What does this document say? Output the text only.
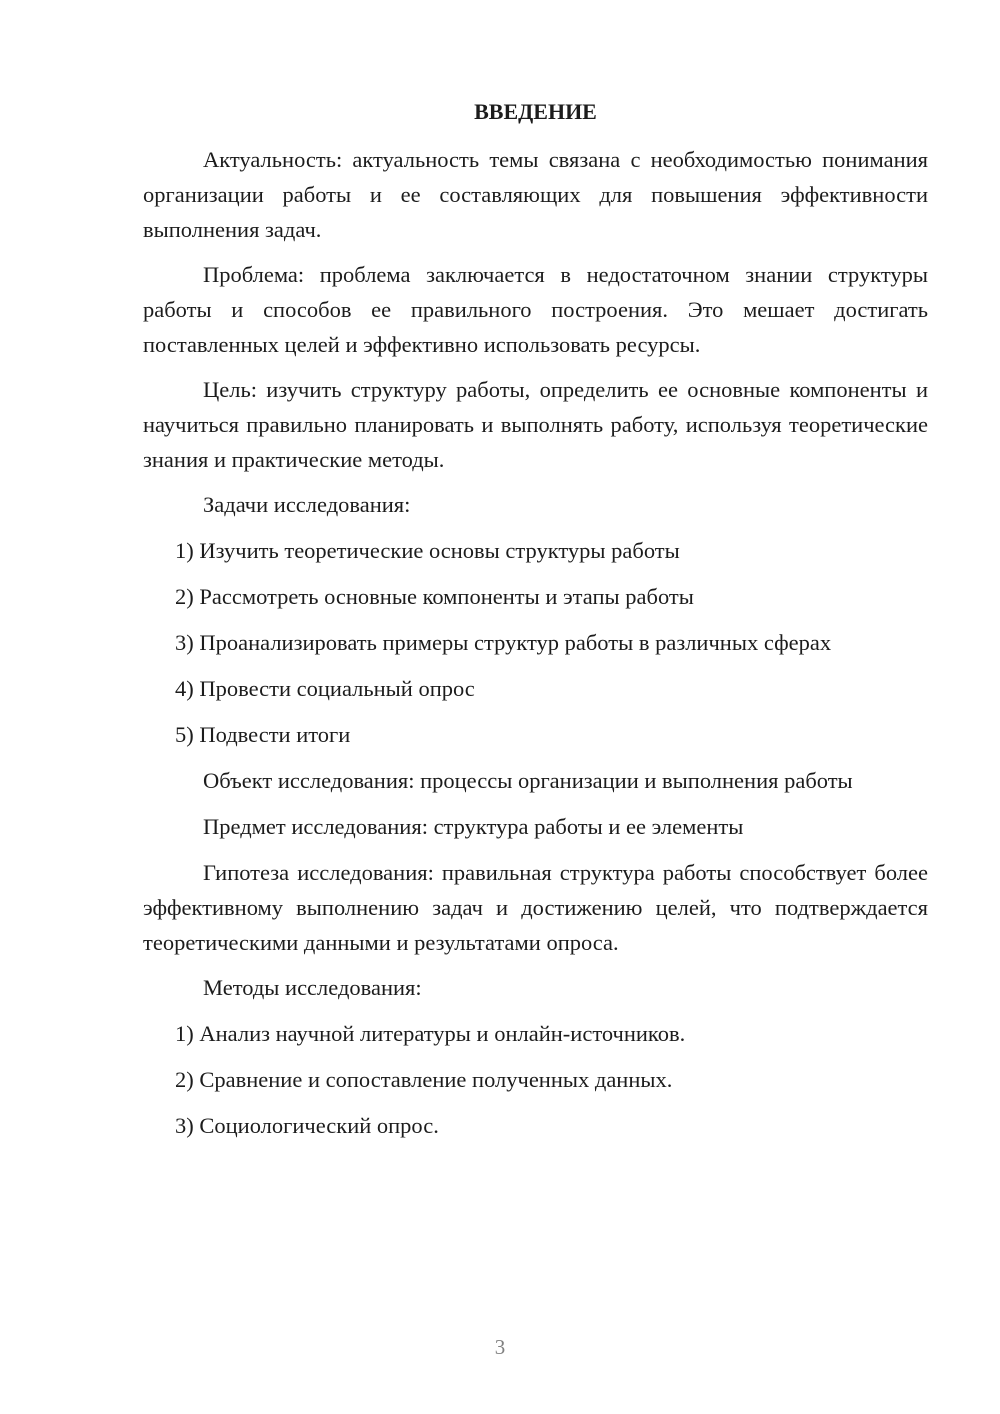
ВВЕДЕНИЕ

Актуальность: актуальность темы связана с необходимостью понимания организации работы и ее составляющих для повышения эффективности выполнения задач.

Проблема: проблема заключается в недостаточном знании структуры работы и способов ее правильного построения. Это мешает достигать поставленных целей и эффективно использовать ресурсы.

Цель: изучить структуру работы, определить ее основные компоненты и научиться правильно планировать и выполнять работу, используя теоретические знания и практические методы.

Задачи исследования:

1) Изучить теоретические основы структуры работы
2) Рассмотреть основные компоненты и этапы работы
3) Проанализировать примеры структур работы в различных сферах
4) Провести социальный опрос
5) Подвести итоги

Объект исследования: процессы организации и выполнения работы

Предмет исследования: структура работы и ее элементы

Гипотеза исследования: правильная структура работы способствует более эффективному выполнению задач и достижению целей, что подтверждается теоретическими данными и результатами опроса.

Методы исследования:

1) Анализ научной литературы и онлайн-источников.
2) Сравнение и сопоставление полученных данных.
3) Социологический опрос.
3
